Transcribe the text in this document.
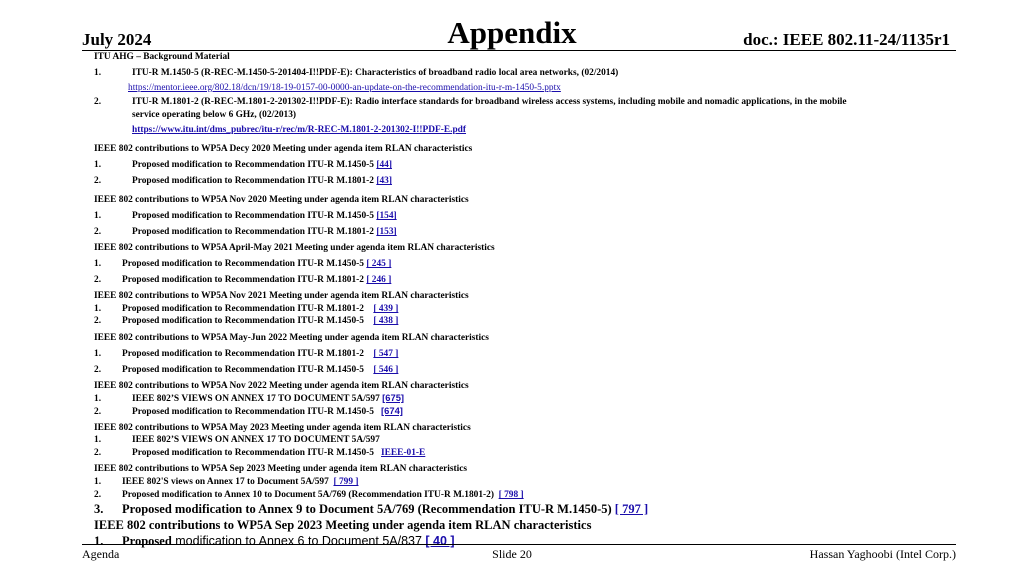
July 2024	Appendix	doc.: IEEE 802.11-24/1135r1
ITU AHG – Background Material
1.	ITU-R M.1450-5 (R-REC-M.1450-5-201404-I!!PDF-E): Characteristics of broadband radio local area networks, (02/2014)
https://mentor.ieee.org/802.18/dcn/19/18-19-0157-00-0000-an-update-on-the-recommendation-itu-r-m-1450-5.pptx
2.	ITU-R M.1801-2 (R-REC-M.1801-2-201302-I!!PDF-E): Radio interface standards for broadband wireless access systems, including mobile and nomadic applications, in the mobile
service operating below 6 GHz, (02/2013)
https://www.itu.int/dms_pubrec/itu-r/rec/m/R-REC-M.1801-2-201302-I!!PDF-E.pdf
IEEE 802 contributions to WP5A Decy 2020 Meeting under agenda item RLAN characteristics
1.	Proposed modification to Recommendation ITU-R M.1450-5 [44]
2.	Proposed modification to Recommendation ITU-R M.1801-2 [43]
IEEE 802 contributions to WP5A Nov 2020 Meeting under agenda item RLAN characteristics
1.	Proposed modification to Recommendation ITU-R M.1450-5 [154]
2.	Proposed modification to Recommendation ITU-R M.1801-2 [153]
IEEE 802 contributions to WP5A April-May 2021 Meeting under agenda item RLAN characteristics
1. Proposed modification to Recommendation ITU-R M.1450-5 [ 245 ]
2. Proposed modification to Recommendation ITU-R M.1801-2 [ 246 ]
IEEE 802 contributions to WP5A Nov 2021 Meeting under agenda item RLAN characteristics
1. Proposed modification to Recommendation ITU-R M.1801-2    [ 439 ]
2. Proposed modification to Recommendation ITU-R M.1450-5    [ 438 ]
IEEE 802 contributions to WP5A May-Jun 2022 Meeting under agenda item RLAN characteristics
1. Proposed modification to Recommendation ITU-R M.1801-2    [ 547 ]
2. Proposed modification to Recommendation ITU-R M.1450-5    [ 546 ]
IEEE 802 contributions to WP5A Nov 2022 Meeting under agenda item RLAN characteristics
1.	IEEE 802’S VIEWS ON ANNEX 17 TO DOCUMENT 5A/597 [675]
2.	Proposed modification to Recommendation ITU-R M.1450-5   [674]
IEEE 802 contributions to WP5A May 2023 Meeting under agenda item RLAN characteristics
1.	IEEE 802’S VIEWS ON ANNEX 17 TO DOCUMENT 5A/597
2.	Proposed modification to Recommendation ITU-R M.1450-5   IEEE-01-E
IEEE 802 contributions to WP5A Sep 2023 Meeting under agenda item RLAN characteristics
1. IEEE 802'S views on Annex 17 to Document 5A/597  [ 799 ]
2. Proposed modification to Annex 10 to Document 5A/769 (Recommendation ITU-R M.1801-2)  [ 798 ]
3. Proposed modification to Annex 9 to Document 5A/769 (Recommendation ITU-R M.1450-5) [ 797 ]
IEEE 802 contributions to WP5A Sep 2023 Meeting under agenda item RLAN characteristics
1. Proposed modification to Annex 6 to Document 5A/837 [ 40 ]
Agenda	Slide 20	Hassan Yaghoobi (Intel Corp.)
